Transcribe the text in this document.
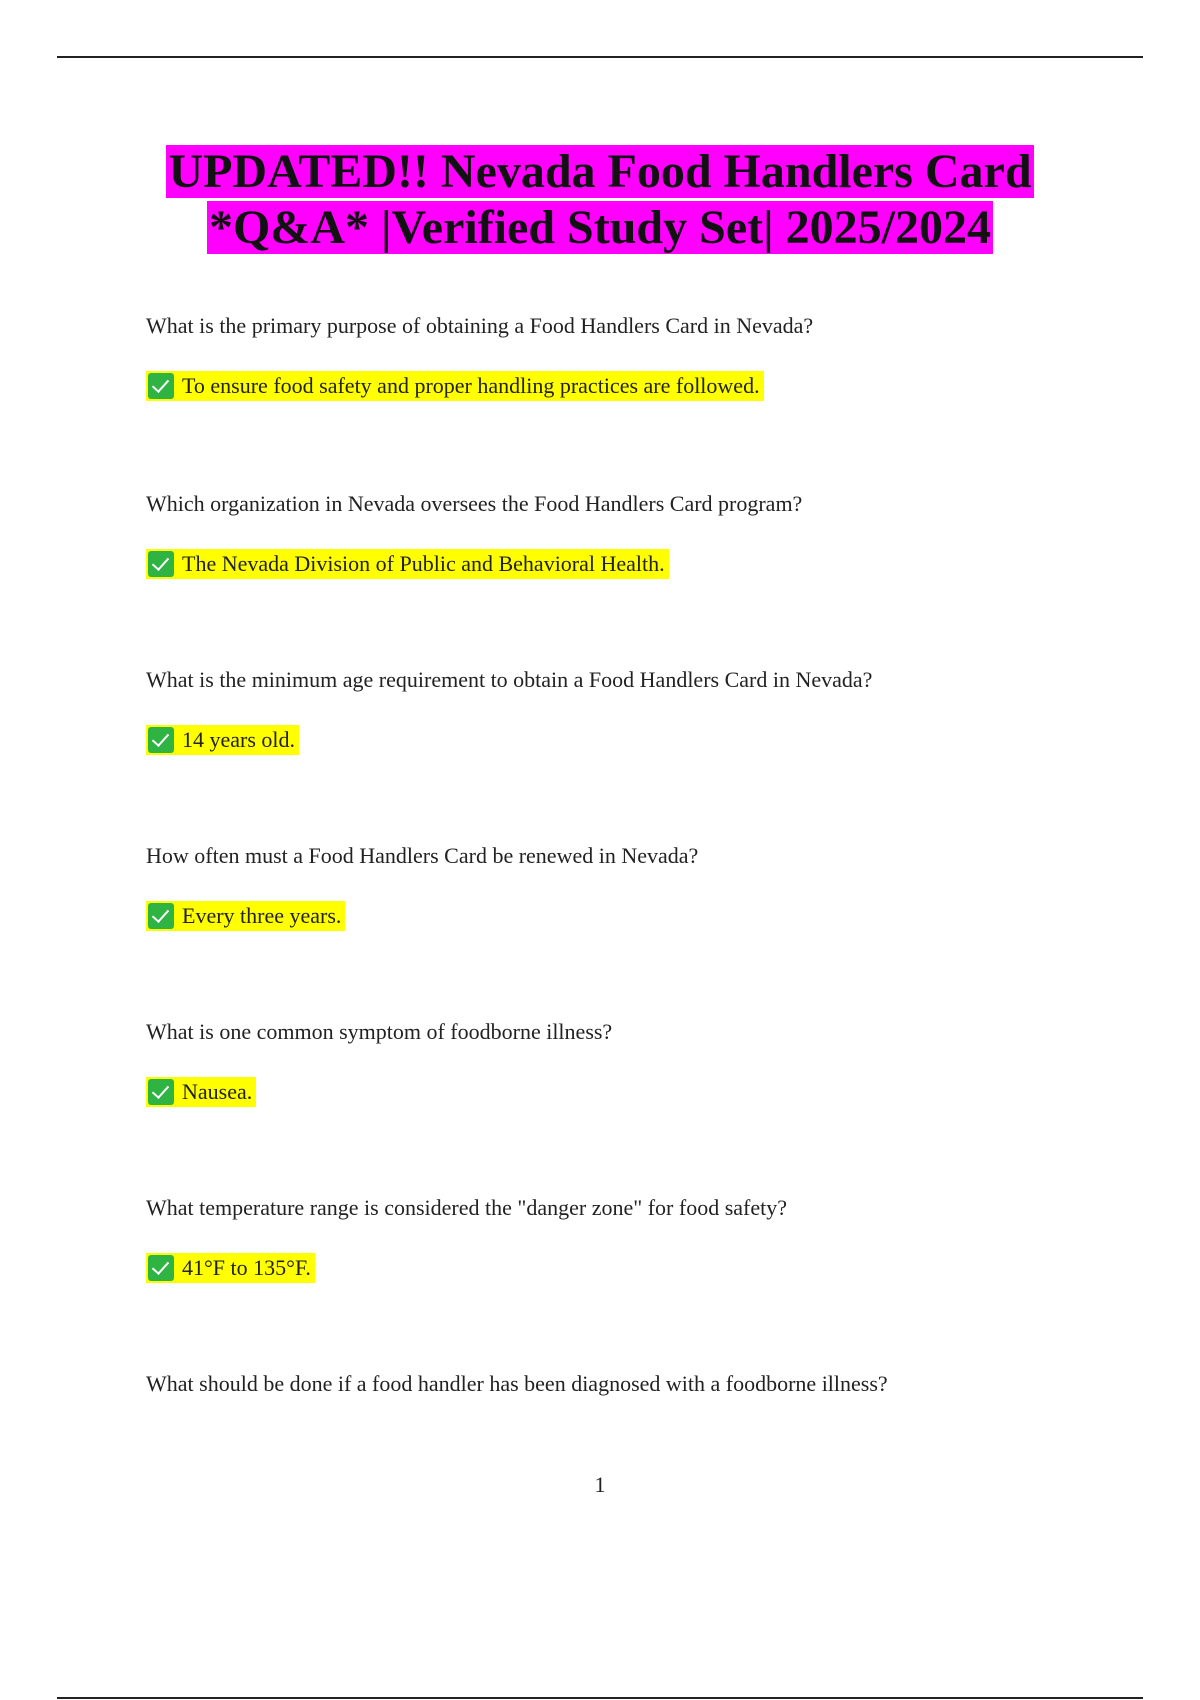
UPDATED!! Nevada Food Handlers Card
*Q&A* |Verified Study Set| 2025/2024

What is the primary purpose of obtaining a Food Handlers Card in Nevada?

To ensure food safety and proper handling practices are followed.

Which organization in Nevada oversees the Food Handlers Card program?

The Nevada Division of Public and Behavioral Health.

What is the minimum age requirement to obtain a Food Handlers Card in Nevada?

14 years old.

How often must a Food Handlers Card be renewed in Nevada?

Every three years.

What is one common symptom of foodborne illness?

Nausea.

What temperature range is considered the "danger zone" for food safety?

41°F to 135°F.

What should be done if a food handler has been diagnosed with a foodborne illness?

1
